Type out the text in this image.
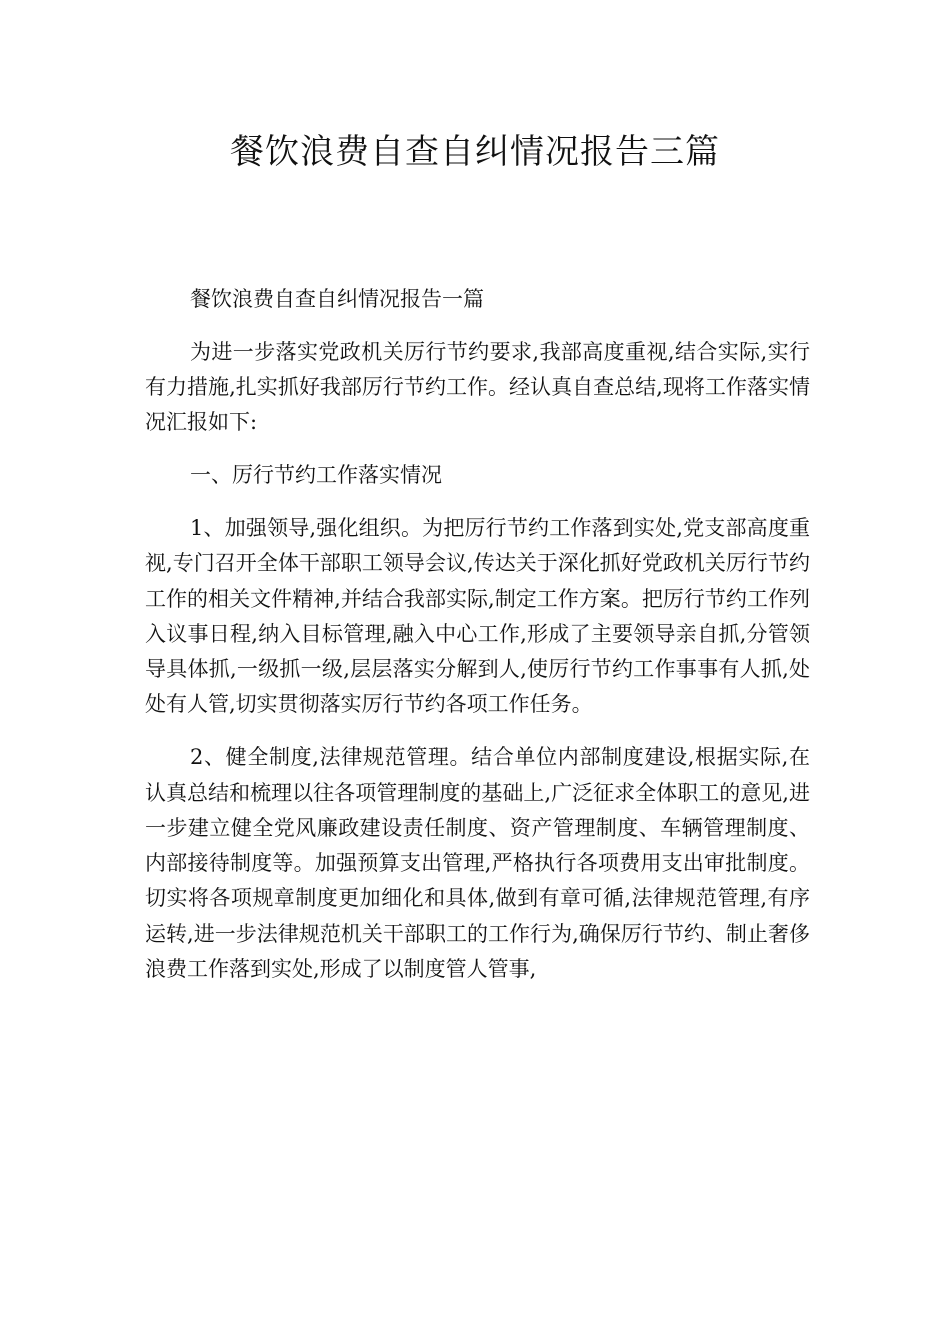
餐饮浪费自查自纠情况报告三篇

餐饮浪费自查自纠情况报告一篇

为进一步落实党政机关厉行节约要求,我部高度重视,结合实际,实行有力措施,扎实抓好我部厉行节约工作。经认真自查总结,现将工作落实情况汇报如下:

一、厉行节约工作落实情况

1、加强领导,强化组织。为把厉行节约工作落到实处,党支部高度重视,专门召开全体干部职工领导会议,传达关于深化抓好党政机关厉行节约工作的相关文件精神,并结合我部实际,制定工作方案。把厉行节约工作列入议事日程,纳入目标管理,融入中心工作,形成了主要领导亲自抓,分管领导具体抓,一级抓一级,层层落实分解到人,使厉行节约工作事事有人抓,处处有人管,切实贯彻落实厉行节约各项工作任务。

2、健全制度,法律规范管理。结合单位内部制度建设,根据实际,在认真总结和梳理以往各项管理制度的基础上,广泛征求全体职工的意见,进一步建立健全党风廉政建设责任制度、资产管理制度、车辆管理制度、内部接待制度等。加强预算支出管理,严格执行各项费用支出审批制度。切实将各项规章制度更加细化和具体,做到有章可循,法律规范管理,有序运转,进一步法律规范机关干部职工的工作行为,确保厉行节约、制止奢侈浪费工作落到实处,形成了以制度管人管事,
